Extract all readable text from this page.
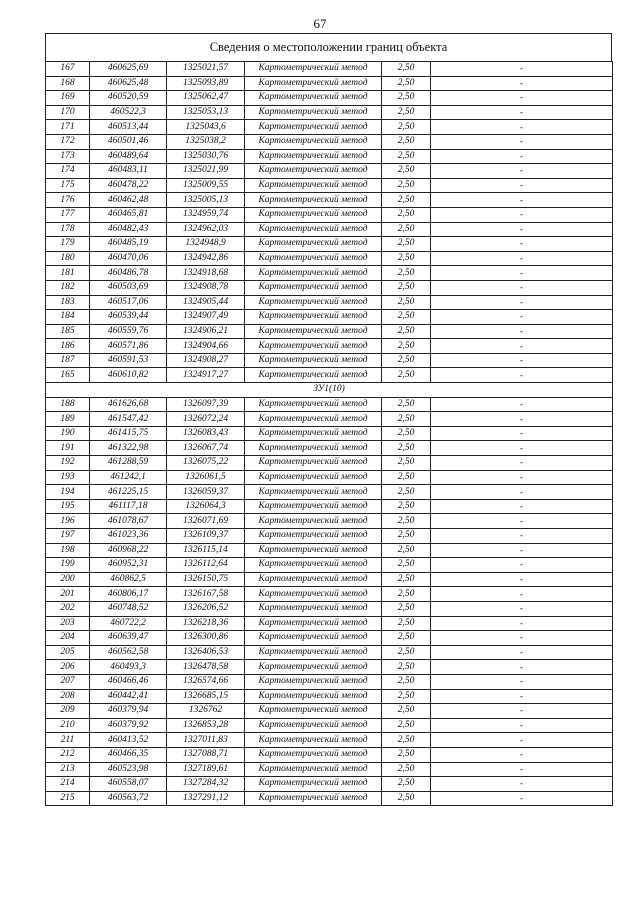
67
Сведения о местоположении границ объекта
167	460625,69	1325021,57	Картометрический метод	2,50	-
168	460625,48	1325093,89	Картометрический метод	2,50	-
169	460520,59	1325062,47	Картометрический метод	2,50	-
170	460522,3	1325053,13	Картометрический метод	2,50	-
171	460513,44	1325043,6	Картометрический метод	2,50	-
172	460501,46	1325038,2	Картометрический метод	2,50	-
173	460489,64	1325030,76	Картометрический метод	2,50	-
174	460483,11	1325021,99	Картометрический метод	2,50	-
175	460478,22	1325009,55	Картометрический метод	2,50	-
176	460462,48	1325005,13	Картометрический метод	2,50	-
177	460465,81	1324959,74	Картометрический метод	2,50	-
178	460482,43	1324962,03	Картометрический метод	2,50	-
179	460485,19	1324948,9	Картометрический метод	2,50	-
180	460470,06	1324942,86	Картометрический метод	2,50	-
181	460486,78	1324918,68	Картометрический метод	2,50	-
182	460503,69	1324908,78	Картометрический метод	2,50	-
183	460517,06	1324905,44	Картометрический метод	2,50	-
184	460539,44	1324907,49	Картометрический метод	2,50	-
185	460559,76	1324906,21	Картометрический метод	2,50	-
186	460571,86	1324904,66	Картометрический метод	2,50	-
187	460591,53	1324908,27	Картометрический метод	2,50	-
165	460610,82	1324917,27	Картометрический метод	2,50	-
ЗУ1(10)					
188	461626,68	1326097,39	Картометрический метод	2,50	-
189	461547,42	1326072,24	Картометрический метод	2,50	-
190	461415,75	1326083,43	Картометрический метод	2,50	-
191	461322,98	1326067,74	Картометрический метод	2,50	-
192	461288,59	1326075,22	Картометрический метод	2,50	-
193	461242,1	1326061,5	Картометрический метод	2,50	-
194	461225,15	1326059,37	Картометрический метод	2,50	-
195	461117,18	1326064,3	Картометрический метод	2,50	-
196	461078,67	1326071,69	Картометрический метод	2,50	-
197	461023,36	1326109,37	Картометрический метод	2,50	-
198	460968,22	1326115,14	Картометрический метод	2,50	-
199	460952,31	1326112,64	Картометрический метод	2,50	-
200	460862,5	1326150,75	Картометрический метод	2,50	-
201	460806,17	1326167,58	Картометрический метод	2,50	-
202	460748,52	1326206,52	Картометрический метод	2,50	-
203	460722,2	1326218,36	Картометрический метод	2,50	-
204	460639,47	1326300,86	Картометрический метод	2,50	-
205	460562,58	1326406,53	Картометрический метод	2,50	-
206	460493,3	1326478,58	Картометрический метод	2,50	-
207	460466,46	1326574,66	Картометрический метод	2,50	-
208	460442,41	1326685,15	Картометрический метод	2,50	-
209	460379,94	1326762	Картометрический метод	2,50	-
210	460379,92	1326853,28	Картометрический метод	2,50	-
211	460413,52	1327011,83	Картометрический метод	2,50	-
212	460466,35	1327088,71	Картометрический метод	2,50	-
213	460523,98	1327189,61	Картометрический метод	2,50	-
214	460558,07	1327284,32	Картометрический метод	2,50	-
215	460563,72	1327291,12	Картометрический метод	2,50	-
